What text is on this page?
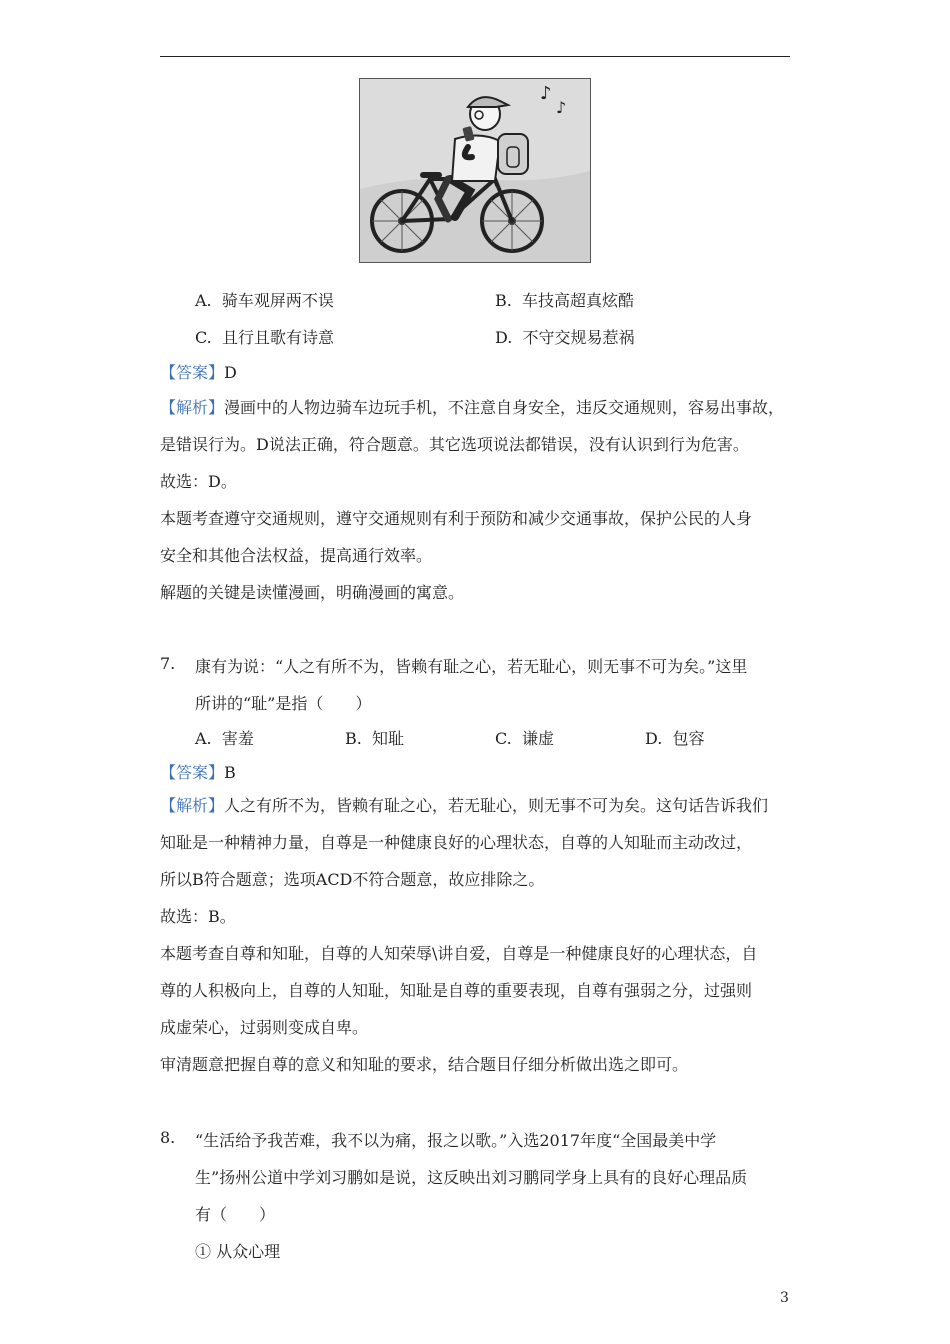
♪
♪
A. 骑车观屏两不误	B. 车技高超真炫酷
C. 且行且歌有诗意	D. 不守交规易惹祸
【答案】D
【解析】漫画中的人物边骑车边玩手机，不注意自身安全，违反交通规则，容易出事故，
是错误行为。D说法正确，符合题意。其它选项说法都错误，没有认识到行为危害。
故选：D。
本题考查遵守交通规则，遵守交通规则有利于预防和减少交通事故，保护公民的人身
安全和其他合法权益，提高通行效率。
解题的关键是读懂漫画，明确漫画的寓意。
7. 康有为说：“人之有所不为，皆赖有耻之心，若无耻心，则无事不可为矣。”这里
所讲的“耻”是指（　　）
A. 害羞	B. 知耻	C. 谦虚	D. 包容
【答案】B
【解析】人之有所不为，皆赖有耻之心，若无耻心，则无事不可为矣。这句话告诉我们
知耻是一种精神力量，自尊是一种健康良好的心理状态，自尊的人知耻而主动改过，
所以B符合题意；选项ACD不符合题意，故应排除之。
故选：B。
本题考查自尊和知耻，自尊的人知荣辱\讲自爱，自尊是一种健康良好的心理状态，自
尊的人积极向上，自尊的人知耻，知耻是自尊的重要表现，自尊有强弱之分，过强则
成虚荣心，过弱则变成自卑。
审清题意把握自尊的意义和知耻的要求，结合题目仔细分析做出选之即可。
8. “生活给予我苦难，我不以为痛，报之以歌。”入选2017年度“全国最美中学
生”扬州公道中学刘习鹏如是说，这反映出刘习鹏同学身上具有的良好心理品质
有（　　）
① 从众心理
3
